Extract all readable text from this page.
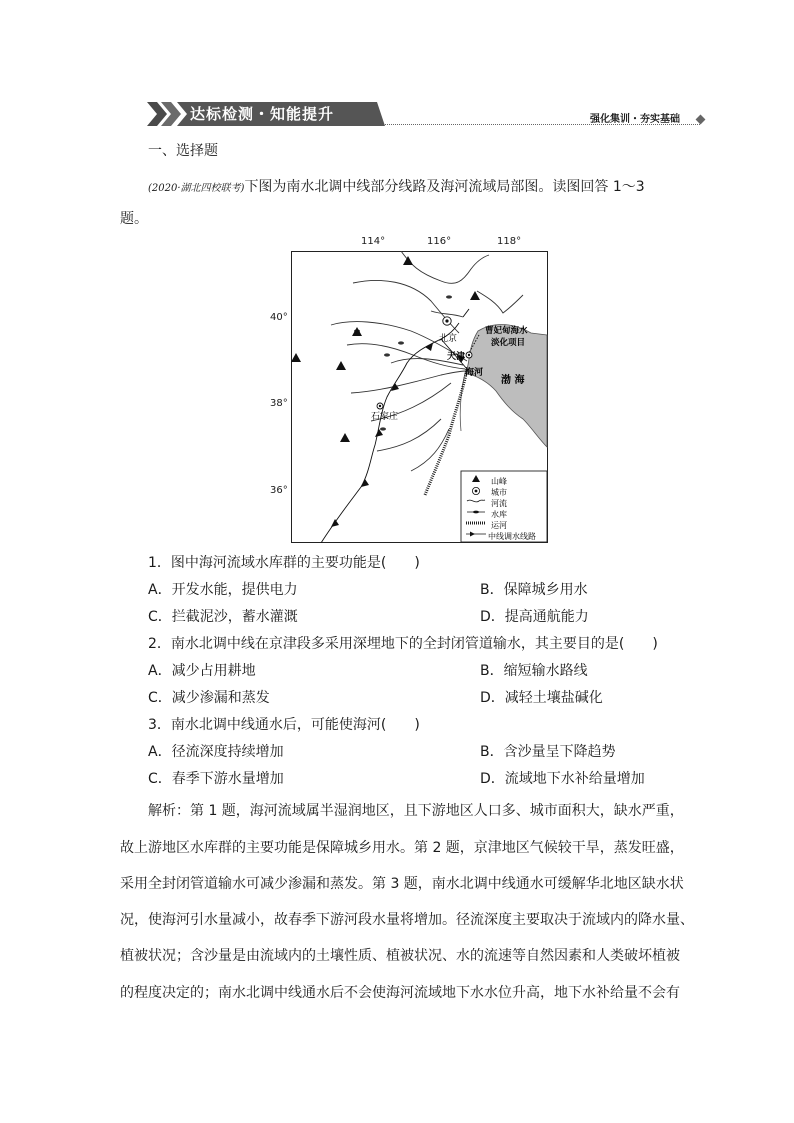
达标检测・知能提升	强化集训・夯实基础
一、选择题
(2020·湖北四校联考)下图为南水北调中线部分线路及海河流域局部图。读图回答 1～3
题。
北京
天津
海河
石家庄
渤 海
曹妃甸海水
淡化项目
山峰
城市
河流
水库
运河
中线调水线路
114°	116°	118°
40°
38°
36°
1．图中海河流域水库群的主要功能是(　　)
A．开发水能，提供电力	B．保障城乡用水
C．拦截泥沙，蓄水灌溉	D．提高通航能力
2．南水北调中线在京津段多采用深埋地下的全封闭管道输水，其主要目的是(　　)
A．减少占用耕地	B．缩短输水路线
C．减少渗漏和蒸发	D．减轻土壤盐碱化
3．南水北调中线通水后，可能使海河(　　)
A．径流深度持续增加	B．含沙量呈下降趋势
C．春季下游水量增加	D．流域地下水补给量增加
解析：第 1 题，海河流域属半湿润地区，且下游地区人口多、城市面积大，缺水严重，
故上游地区水库群的主要功能是保障城乡用水。第 2 题，京津地区气候较干旱，蒸发旺盛，
采用全封闭管道输水可减少渗漏和蒸发。第 3 题，南水北调中线通水可缓解华北地区缺水状
况，使海河引水量减小，故春季下游河段水量将增加。径流深度主要取决于流域内的降水量、
植被状况；含沙量是由流域内的土壤性质、植被状况、水的流速等自然因素和人类破坏植被
的程度决定的；南水北调中线通水后不会使海河流域地下水水位升高，地下水补给量不会有
